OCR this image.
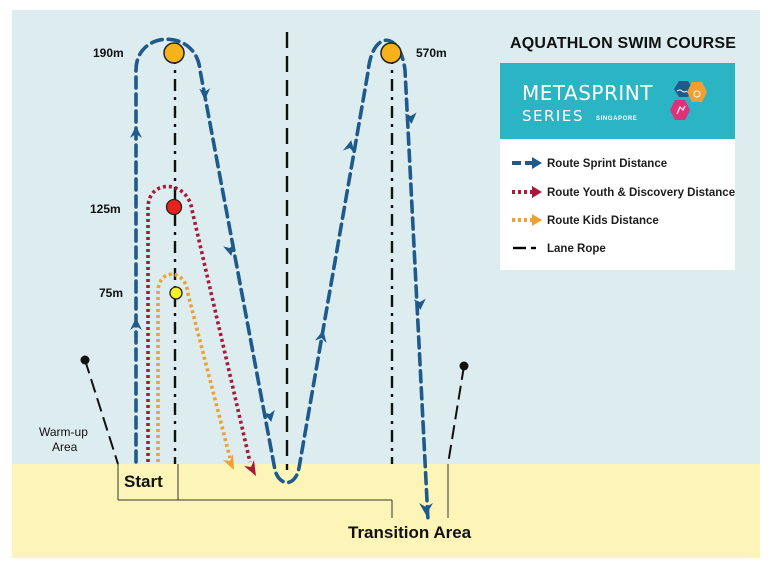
190m	570m
125m
75m
Warm-up Area
Start
Transition Area
AQUATHLON SWIM COURSE
METASPRINT
SERIES SINGAPORE
Route Sprint Distance
Route Youth & Discovery Distance
Route Kids Distance
Lane Rope
